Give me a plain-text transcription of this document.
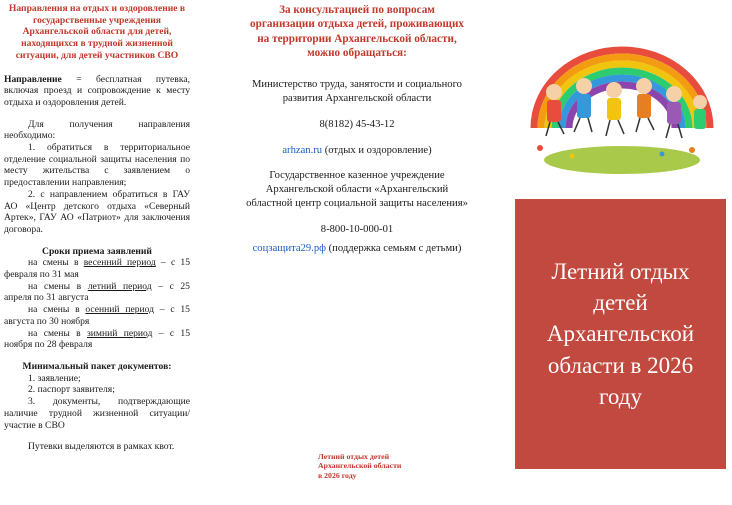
Направления на отдых и оздоровление в государственные учреждения Архангельской области для детей, находящихся в трудной жизненной ситуации, для детей участников СВО

Направление = бесплатная путевка, включая проезд и сопровождение к месту отдыха и оздоровления детей.

Для получения направления необходимо:

1. обратиться в территориальное отделение социальной защиты населения по месту жительства с заявлением о предоставлении направления;

2. с направлением обратиться в ГАУ АО «Центр детского отдыха «Северный Артек», ГАУ АО «Патриот» для заключения договора.

Сроки приема заявлений

на смены в весенний период – с 15 февраля по 31 мая

на смены в летний период – с 25 апреля по 31 августа

на смены в осенний период – с 15 августа по 30 ноября

на смены в зимний период – с 15 ноября по 28 февраля

Минимальный пакет документов:

1. заявление;

2. паспорт заявителя;

3. документы, подтверждающие наличие трудной жизненной ситуации/участие в СВО

Путевки выделяются в рамках квот.

За консультацией по вопросам организации отдыха детей, проживающих на территории Архангельской области, можно обращаться:

Министерство труда, занятости и социального развития Архангельской области

8(8182) 45-43-12

arhzan.ru (отдых и оздоровление)

Государственное казенное учреждение Архангельской области «Архангельский областной центр социальной защиты населения»

8-800-10-000-01

соцзащита29.рф (поддержка семьям с детьми)

Летний отдых детей
Архангельской области
в 2026 году
Летний отдых детей Архангельской области в 2026 году
